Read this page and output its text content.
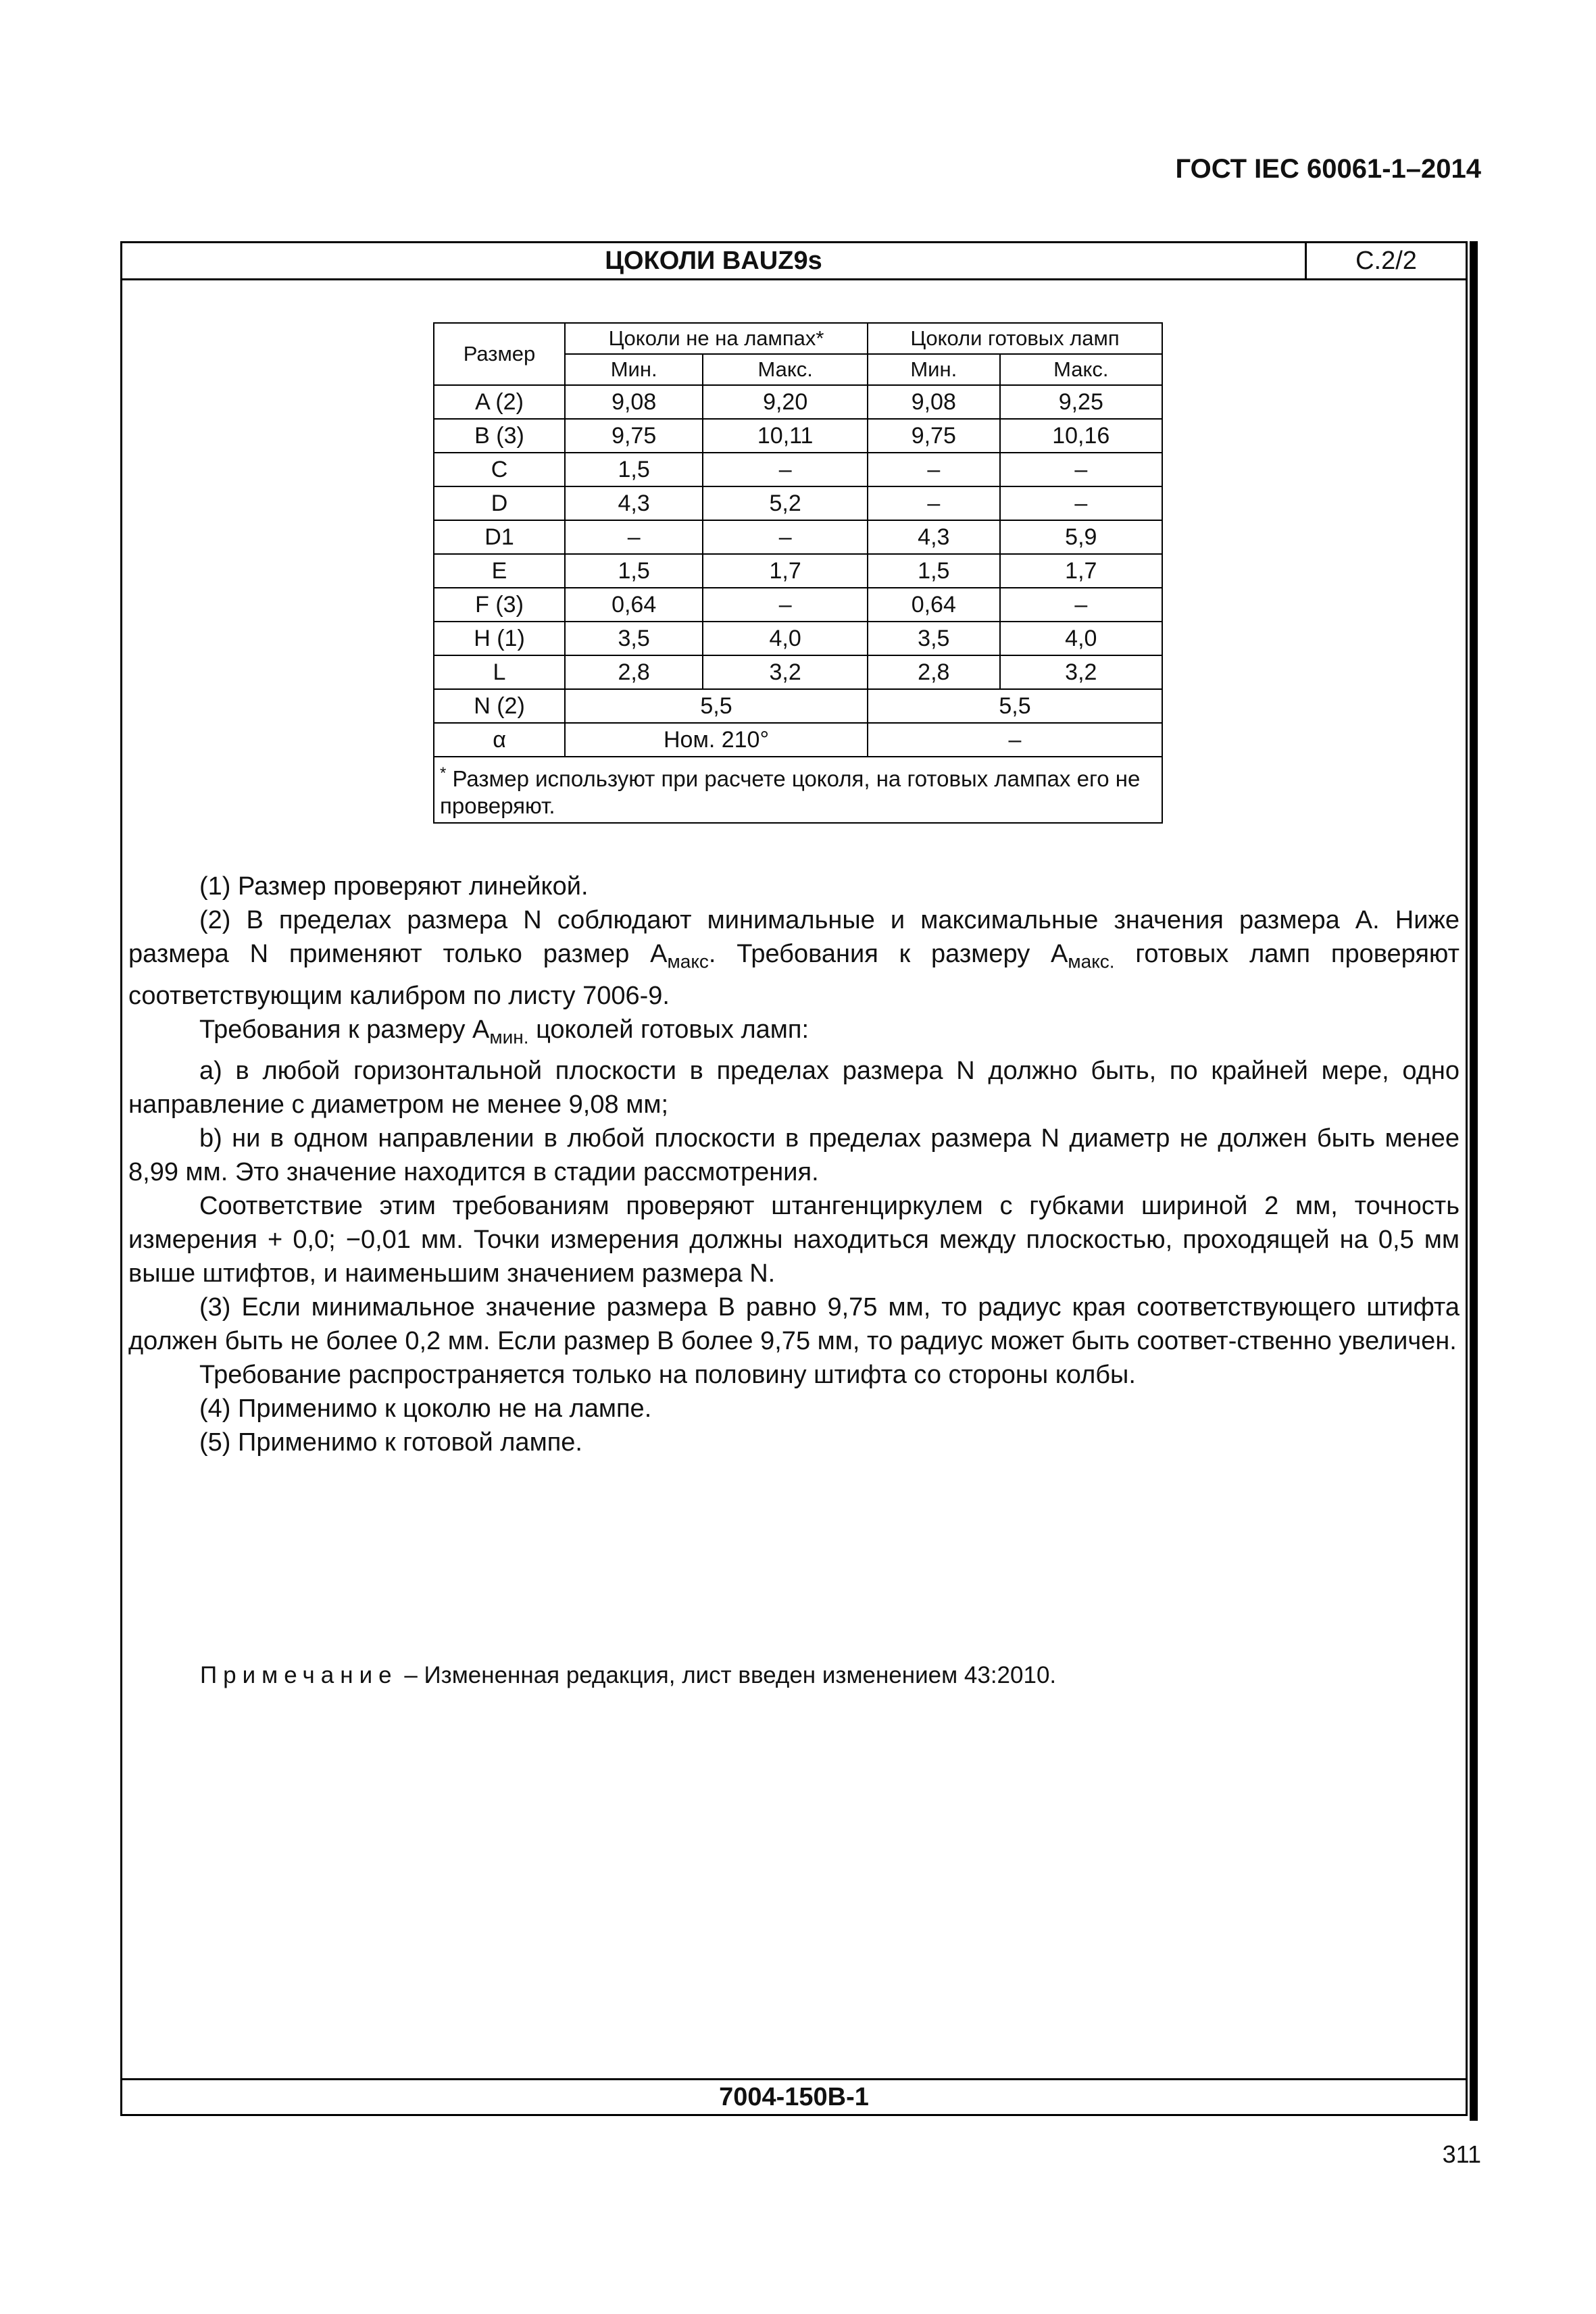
ГОСТ IEC 60061-1–2014
ЦОКОЛИ BAUZ9s	С.2/2
Размер	Цоколи не на лампах*		Цоколи готовых ламп	
	Мин.	Макс.	Мин.	Макс.
A (2)	9,08	9,20	9,08	9,25
B (3)	9,75	10,11	9,75	10,16
C	1,5	–	–	–
D	4,3	5,2	–	–
D1	–	–	4,3	5,9
E	1,5	1,7	1,5	1,7
F (3)	0,64	–	0,64	–
H (1)	3,5	4,0	3,5	4,0
L	2,8	3,2	2,8	3,2
N (2)	5,5		5,5	
α	Ном. 210°		–	
* Размер используют при расчете цоколя, на готовых лампах его не проверяют.				
7004-150B-1

(1) Размер проверяют линейкой.

(2) В пределах размера N соблюдают минимальные и максимальные значения размера A. Ниже размера N применяют только размер $A_{макс}$. Требования к размеру $A_{макс.}$ готовых ламп проверяют соответствующим калибром по листу 7006-9.

Требования к размеру $A_{мин.}$ цоколей готовых ламп:

a) в любой горизонтальной плоскости в пределах размера N должно быть, по крайней мере, одно направление с диаметром не менее 9,08 мм;

b) ни в одном направлении в любой плоскости в пределах размера N диаметр не должен быть менее 8,99 мм. Это значение находится в стадии рассмотрения.

Соответствие этим требованиям проверяют штангенциркулем с губками шириной 2 мм, точность измерения + 0,0; −0,01 мм. Точки измерения должны находиться между плоскостью, проходящей на 0,5 мм выше штифтов, и наименьшим значением размера N.

(3) Если минимальное значение размера B равно 9,75 мм, то радиус края соответствующего штифта должен быть не более 0,2 мм. Если размер B более 9,75 мм, то радиус может быть соответ-ственно увеличен.

Требование распространяется только на половину штифта со стороны колбы.

(4) Применимо к цоколю не на лампе.

(5) Применимо к готовой лампе.

Примечание – Измененная редакция, лист введен изменением 43:2010.
311
